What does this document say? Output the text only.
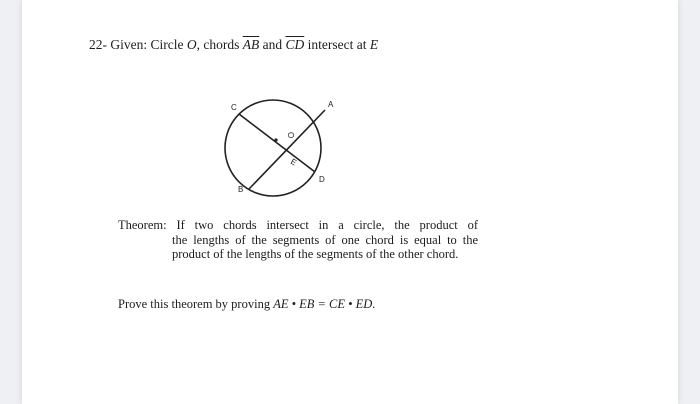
22- Given: Circle O, chords $\overline{AB}$ and $\overline{CD}$ intersect at E
C	A
O
E
D
B
Theorem: If two chords intersect in a circle, the product of
the lengths of the segments of one chord is equal to the product of the lengths of the segments of the other chord.
Prove this theorem by proving AE • EB = CE • ED.
